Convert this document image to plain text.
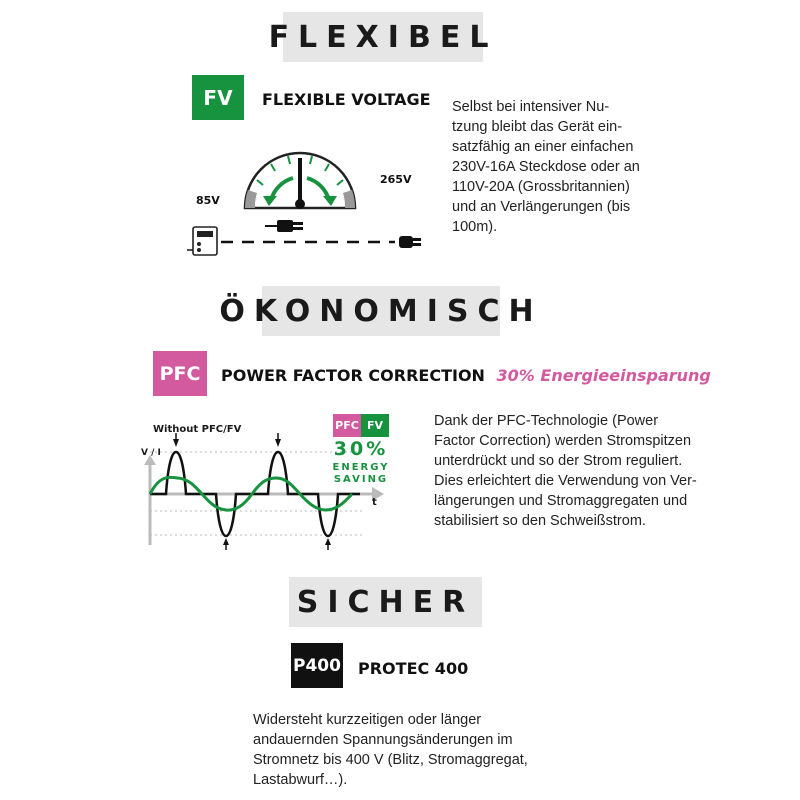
FLEXIBEL
FV	FLEXIBLE VOLTAGE
85V
265V
Selbst bei intensiver Nu-
tzung bleibt das Gerät ein-
satzfähig an einer einfachen
230V-16A Steckdose oder an
110V-20A (Grossbritannien)
und an Verlängerungen (bis
100m).
ÖKONOMISCH
PFC	POWER FACTOR CORRECTION 30% Energieeinsparung
Without PFC/FV
V / I
t
PFC FV
30%
ENERGY
SAVING
Dank der PFC-Technologie (Power
Factor Correction) werden Stromspitzen
unterdrückt und so der Strom reguliert.
Dies erleichtert die Verwendung von Ver-
längerungen und Stromaggregaten und
stabilisiert so den Schweißstrom.
SICHER
P400 PROTEC 400
Widersteht kurzzeitigen oder länger
andauernden Spannungsänderungen im
Stromnetz bis 400 V (Blitz, Stromaggregat,
Lastabwurf…).
